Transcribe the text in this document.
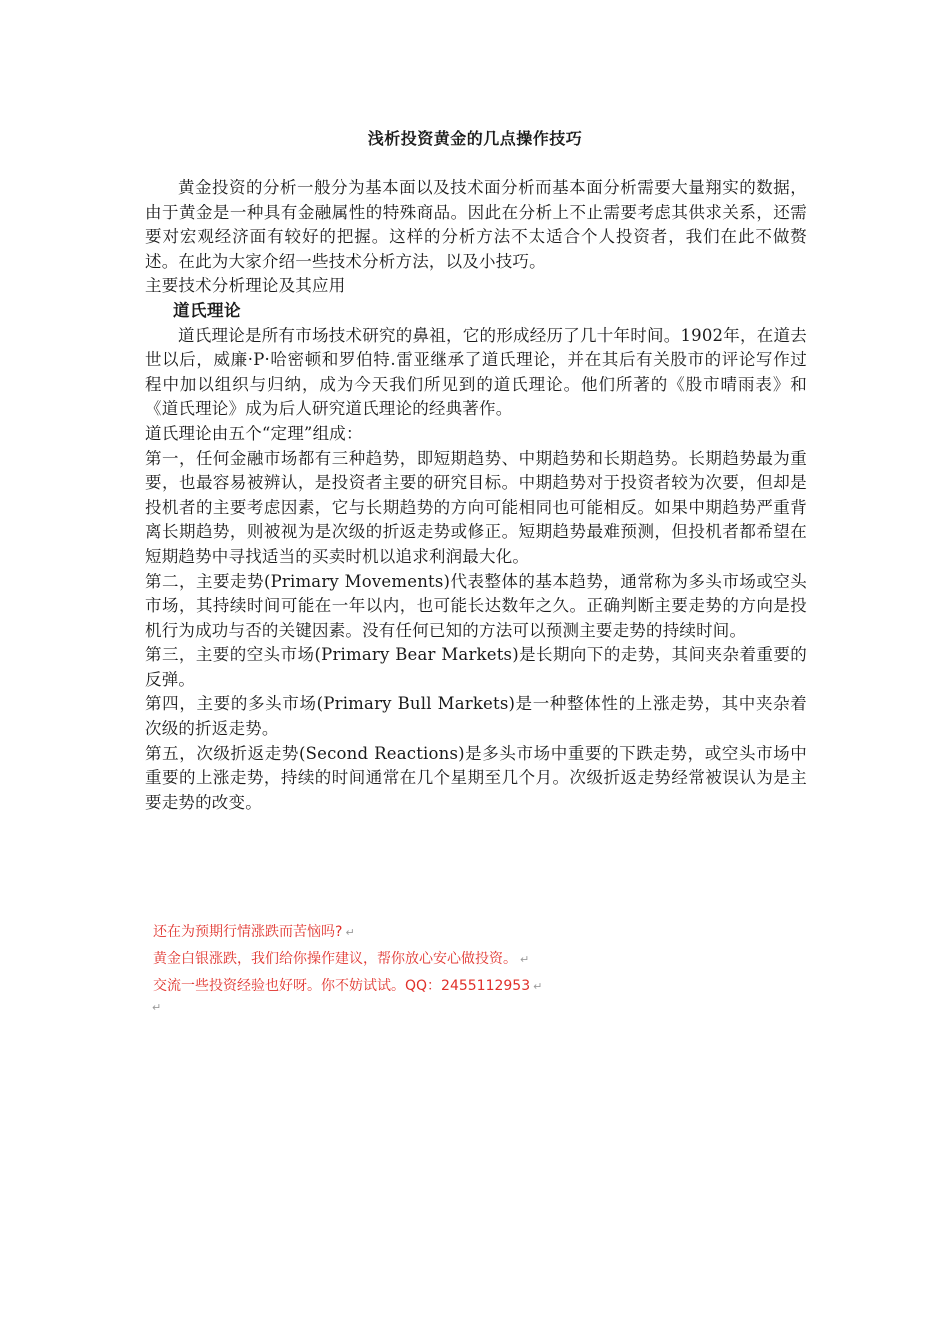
浅析投资黄金的几点操作技巧

黄金投资的分析一般分为基本面以及技术面分析而基本面分析需要大量翔实的数据，由于黄金是一种具有金融属性的特殊商品。因此在分析上不止需要考虑其供求关系，还需要对宏观经济面有较好的把握。这样的分析方法不太适合个人投资者，我们在此不做赘述。在此为大家介绍一些技术分析方法，以及小技巧。

主要技术分析理论及其应用

道氏理论

道氏理论是所有市场技术研究的鼻祖，它的形成经历了几十年时间。1902年，在道去世以后，威廉·P·哈密顿和罗伯特.雷亚继承了道氏理论，并在其后有关股市的评论写作过程中加以组织与归纳，成为今天我们所见到的道氏理论。他们所著的《股市晴雨表》和《道氏理论》成为后人研究道氏理论的经典著作。

道氏理论由五个“定理”组成：

第一，任何金融市场都有三种趋势，即短期趋势、中期趋势和长期趋势。长期趋势最为重要，也最容易被辨认，是投资者主要的研究目标。中期趋势对于投资者较为次要，但却是投机者的主要考虑因素，它与长期趋势的方向可能相同也可能相反。如果中期趋势严重背离长期趋势，则被视为是次级的折返走势或修正。短期趋势最难预测，但投机者都希望在短期趋势中寻找适当的买卖时机以追求利润最大化。

第二，主要走势(Primary Movements)代表整体的基本趋势，通常称为多头市场或空头市场，其持续时间可能在一年以内，也可能长达数年之久。正确判断主要走势的方向是投机行为成功与否的关键因素。没有任何已知的方法可以预测主要走势的持续时间。

第三，主要的空头市场(Primary Bear Markets)是长期向下的走势，其间夹杂着重要的反弹。

第四，主要的多头市场(Primary Bull Markets)是一种整体性的上涨走势，其中夹杂着次级的折返走势。

第五，次级折返走势(Second Reactions)是多头市场中重要的下跌走势，或空头市场中重要的上涨走势，持续的时间通常在几个星期至几个月。次级折返走势经常被误认为是主要走势的改变。

还在为预期行情涨跌而苦恼吗? ↵
黄金白银涨跌，我们给你操作建议，帮你放心安心做投资。 ↵
交流一些投资经验也好呀。你不妨试试。QQ：2455112953 ↵
↵
